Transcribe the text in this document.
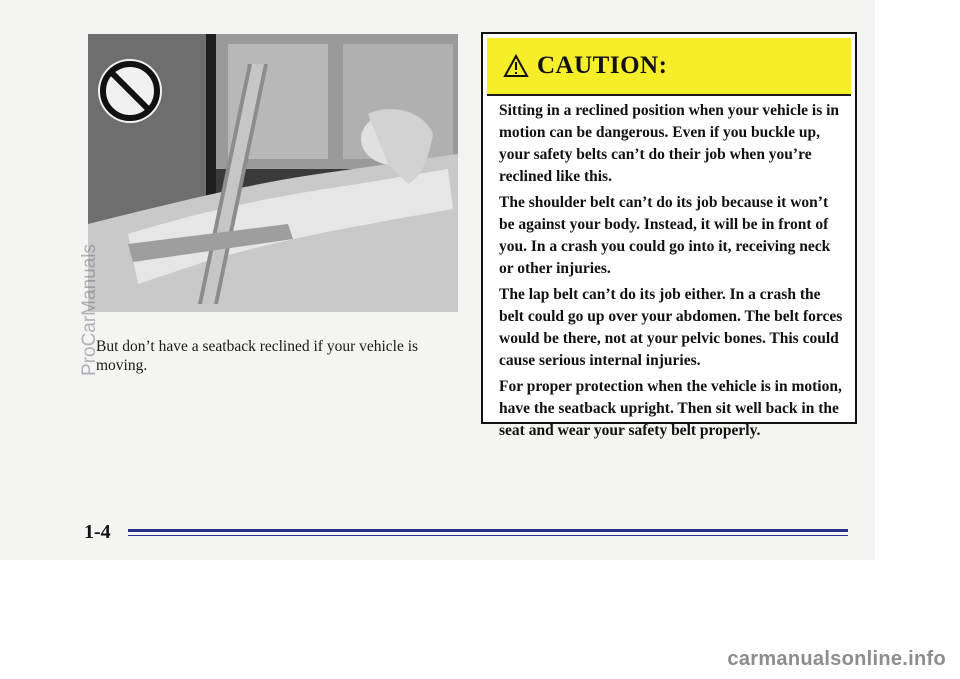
But don’t have a seatback reclined if your vehicle is moving.
CAUTION:

Sitting in a reclined position when your vehicle is in motion can be dangerous. Even if you buckle up, your safety belts can’t do their job when you’re reclined like this.

The shoulder belt can’t do its job because it won’t be against your body. Instead, it will be in front of you. In a crash you could go into it, receiving neck or other injuries.

The lap belt can’t do its job either. In a crash the belt could go up over your abdomen. The belt forces would be there, not at your pelvic bones. This could cause serious internal injuries.

For proper protection when the vehicle is in motion, have the seatback upright. Then sit well back in the seat and wear your safety belt properly.

1-4
ProCarManuals
carmanualsonline.info
